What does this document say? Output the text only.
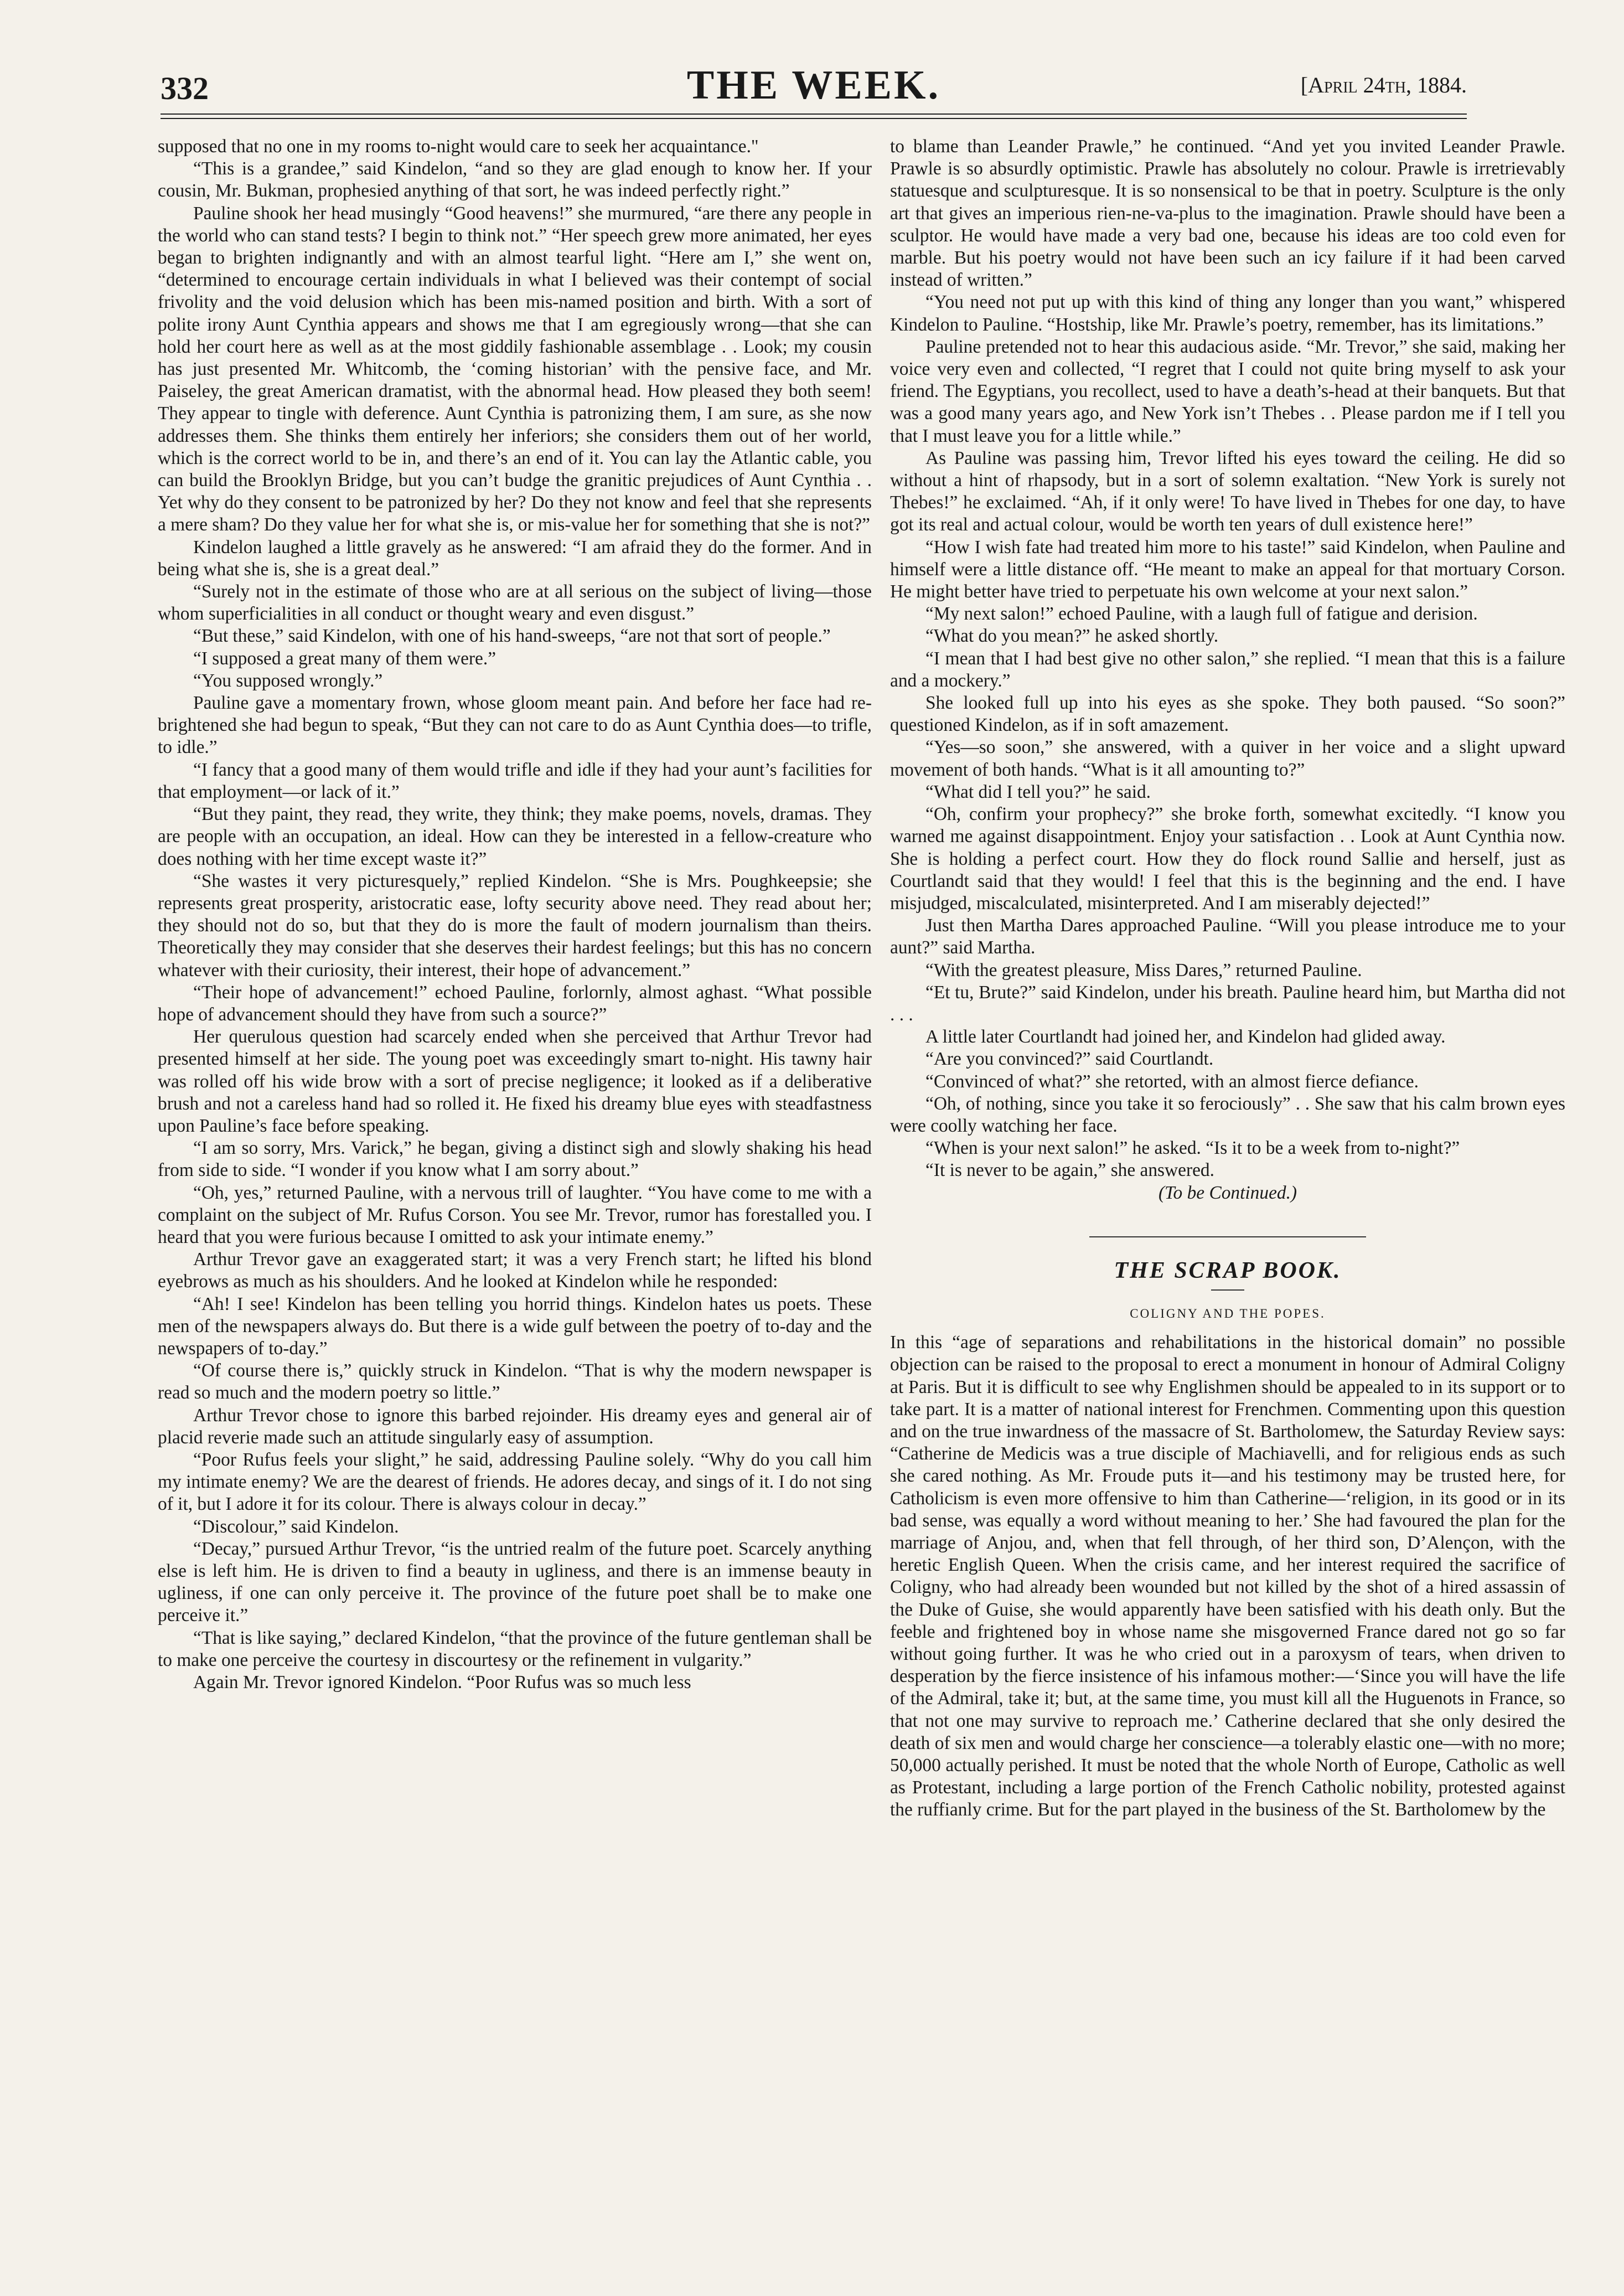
332	THE WEEK.	[April 24th, 1884.

supposed that no one in my rooms to-night would care to seek her acquaintance."

“This is a grandee,” said Kindelon, “and so they are glad enough to know her. If your cousin, Mr. Bukman, prophesied anything of that sort, he was indeed perfectly right.”

Pauline shook her head musingly “Good heavens!” she murmured, “are there any people in the world who can stand tests? I begin to think not.” “Her speech grew more animated, her eyes began to brighten indignantly and with an almost tearful light. “Here am I,” she went on, “determined to encourage certain individuals in what I believed was their contempt of social frivolity and the void delusion which has been mis-named position and birth. With a sort of polite irony Aunt Cynthia appears and shows me that I am egregiously wrong—that she can hold her court here as well as at the most giddily fashionable assemblage . . Look; my cousin has just presented Mr. Whitcomb, the ‘coming historian’ with the pensive face, and Mr. Paiseley, the great American dramatist, with the abnormal head. How pleased they both seem! They appear to tingle with deference. Aunt Cynthia is patronizing them, I am sure, as she now addresses them. She thinks them entirely her inferiors; she considers them out of her world, which is the correct world to be in, and there’s an end of it. You can lay the Atlantic cable, you can build the Brooklyn Bridge, but you can’t budge the granitic prejudices of Aunt Cynthia . . Yet why do they consent to be patronized by her? Do they not know and feel that she represents a mere sham? Do they value her for what she is, or mis-value her for something that she is not?”

Kindelon laughed a little gravely as he answered: “I am afraid they do the former. And in being what she is, she is a great deal.”

“Surely not in the estimate of those who are at all serious on the subject of living—those whom superficialities in all conduct or thought weary and even disgust.”

“But these,” said Kindelon, with one of his hand-sweeps, “are not that sort of people.”

“I supposed a great many of them were.”

“You supposed wrongly.”

Pauline gave a momentary frown, whose gloom meant pain. And before her face had re-brightened she had begun to speak, “But they can not care to do as Aunt Cynthia does—to trifle, to idle.”

“I fancy that a good many of them would trifle and idle if they had your aunt’s facilities for that employment—or lack of it.”

“But they paint, they read, they write, they think; they make poems, novels, dramas. They are people with an occupation, an ideal. How can they be interested in a fellow-creature who does nothing with her time except waste it?”

“She wastes it very picturesquely,” replied Kindelon. “She is Mrs. Poughkeepsie; she represents great prosperity, aristocratic ease, lofty security above need. They read about her; they should not do so, but that they do is more the fault of modern journalism than theirs. Theoretically they may consider that she deserves their hardest feelings; but this has no concern whatever with their curiosity, their interest, their hope of advancement.”

“Their hope of advancement!” echoed Pauline, forlornly, almost aghast. “What possible hope of advancement should they have from such a source?”

Her querulous question had scarcely ended when she perceived that Arthur Trevor had presented himself at her side. The young poet was exceedingly smart to-night. His tawny hair was rolled off his wide brow with a sort of precise negligence; it looked as if a deliberative brush and not a careless hand had so rolled it. He fixed his dreamy blue eyes with steadfastness upon Pauline’s face before speaking.

“I am so sorry, Mrs. Varick,” he began, giving a distinct sigh and slowly shaking his head from side to side. “I wonder if you know what I am sorry about.”

“Oh, yes,” returned Pauline, with a nervous trill of laughter. “You have come to me with a complaint on the subject of Mr. Rufus Corson. You see Mr. Trevor, rumor has forestalled you. I heard that you were furious because I omitted to ask your intimate enemy.”

Arthur Trevor gave an exaggerated start; it was a very French start; he lifted his blond eyebrows as much as his shoulders. And he looked at Kindelon while he responded:

“Ah! I see! Kindelon has been telling you horrid things. Kindelon hates us poets. These men of the newspapers always do. But there is a wide gulf between the poetry of to-day and the newspapers of to-day.”

“Of course there is,” quickly struck in Kindelon. “That is why the modern newspaper is read so much and the modern poetry so little.”

Arthur Trevor chose to ignore this barbed rejoinder. His dreamy eyes and general air of placid reverie made such an attitude singularly easy of assumption.

“Poor Rufus feels your slight,” he said, addressing Pauline solely. “Why do you call him my intimate enemy? We are the dearest of friends. He adores decay, and sings of it. I do not sing of it, but I adore it for its colour. There is always colour in decay.”

“Discolour,” said Kindelon.

“Decay,” pursued Arthur Trevor, “is the untried realm of the future poet. Scarcely anything else is left him. He is driven to find a beauty in ugliness, and there is an immense beauty in ugliness, if one can only perceive it. The province of the future poet shall be to make one perceive it.”

“That is like saying,” declared Kindelon, “that the province of the future gentleman shall be to make one perceive the courtesy in discourtesy or the refinement in vulgarity.”

Again Mr. Trevor ignored Kindelon. “Poor Rufus was so much less

to blame than Leander Prawle,” he continued. “And yet you invited Leander Prawle. Prawle is so absurdly optimistic. Prawle has absolutely no colour. Prawle is irretrievably statuesque and sculpturesque. It is so nonsensical to be that in poetry. Sculpture is the only art that gives an imperious rien-ne-va-plus to the imagination. Prawle should have been a sculptor. He would have made a very bad one, because his ideas are too cold even for marble. But his poetry would not have been such an icy failure if it had been carved instead of written.”

“You need not put up with this kind of thing any longer than you want,” whispered Kindelon to Pauline. “Hostship, like Mr. Prawle’s poetry, remember, has its limitations.”

Pauline pretended not to hear this audacious aside. “Mr. Trevor,” she said, making her voice very even and collected, “I regret that I could not quite bring myself to ask your friend. The Egyptians, you recollect, used to have a death’s-head at their banquets. But that was a good many years ago, and New York isn’t Thebes . . Please pardon me if I tell you that I must leave you for a little while.”

As Pauline was passing him, Trevor lifted his eyes toward the ceiling. He did so without a hint of rhapsody, but in a sort of solemn exaltation. “New York is surely not Thebes!” he exclaimed. “Ah, if it only were! To have lived in Thebes for one day, to have got its real and actual colour, would be worth ten years of dull existence here!”

“How I wish fate had treated him more to his taste!” said Kindelon, when Pauline and himself were a little distance off. “He meant to make an appeal for that mortuary Corson. He might better have tried to perpetuate his own welcome at your next salon.”

“My next salon!” echoed Pauline, with a laugh full of fatigue and derision.

“What do you mean?” he asked shortly.

“I mean that I had best give no other salon,” she replied. “I mean that this is a failure and a mockery.”

She looked full up into his eyes as she spoke. They both paused. “So soon?” questioned Kindelon, as if in soft amazement.

“Yes—so soon,” she answered, with a quiver in her voice and a slight upward movement of both hands. “What is it all amounting to?”

“What did I tell you?” he said.

“Oh, confirm your prophecy?” she broke forth, somewhat excitedly. “I know you warned me against disappointment. Enjoy your satisfaction . . Look at Aunt Cynthia now. She is holding a perfect court. How they do flock round Sallie and herself, just as Courtlandt said that they would! I feel that this is the beginning and the end. I have misjudged, miscalculated, misinterpreted. And I am miserably dejected!”

Just then Martha Dares approached Pauline. “Will you please introduce me to your aunt?” said Martha.

“With the greatest pleasure, Miss Dares,” returned Pauline.

“Et tu, Brute?” said Kindelon, under his breath. Pauline heard him, but Martha did not . . .

A little later Courtlandt had joined her, and Kindelon had glided away.

“Are you convinced?” said Courtlandt.

“Convinced of what?” she retorted, with an almost fierce defiance.

“Oh, of nothing, since you take it so ferociously” . . She saw that his calm brown eyes were coolly watching her face.

“When is your next salon!” he asked. “Is it to be a week from to-night?”

“It is never to be again,” she answered.

(To be Continued.)

THE SCRAP BOOK.
COLIGNY AND THE POPES.

In this “age of separations and rehabilitations in the historical domain” no possible objection can be raised to the proposal to erect a monument in honour of Admiral Coligny at Paris. But it is difficult to see why Englishmen should be appealed to in its support or to take part. It is a matter of national interest for Frenchmen. Commenting upon this question and on the true inwardness of the massacre of St. Bartholomew, the Saturday Review says: “Catherine de Medicis was a true disciple of Machiavelli, and for religious ends as such she cared nothing. As Mr. Froude puts it—and his testimony may be trusted here, for Catholicism is even more offensive to him than Catherine—‘religion, in its good or in its bad sense, was equally a word without meaning to her.’ She had favoured the plan for the marriage of Anjou, and, when that fell through, of her third son, D’Alençon, with the heretic English Queen. When the crisis came, and her interest required the sacrifice of Coligny, who had already been wounded but not killed by the shot of a hired assassin of the Duke of Guise, she would apparently have been satisfied with his death only. But the feeble and frightened boy in whose name she misgoverned France dared not go so far without going further. It was he who cried out in a paroxysm of tears, when driven to desperation by the fierce insistence of his infamous mother:—‘Since you will have the life of the Admiral, take it; but, at the same time, you must kill all the Huguenots in France, so that not one may survive to reproach me.’ Catherine declared that she only desired the death of six men and would charge her conscience—a tolerably elastic one—with no more; 50,000 actually perished. It must be noted that the whole North of Europe, Catholic as well as Protestant, including a large portion of the French Catholic nobility, protested against the ruffianly crime. But for the part played in the business of the St. Bartholomew by the
